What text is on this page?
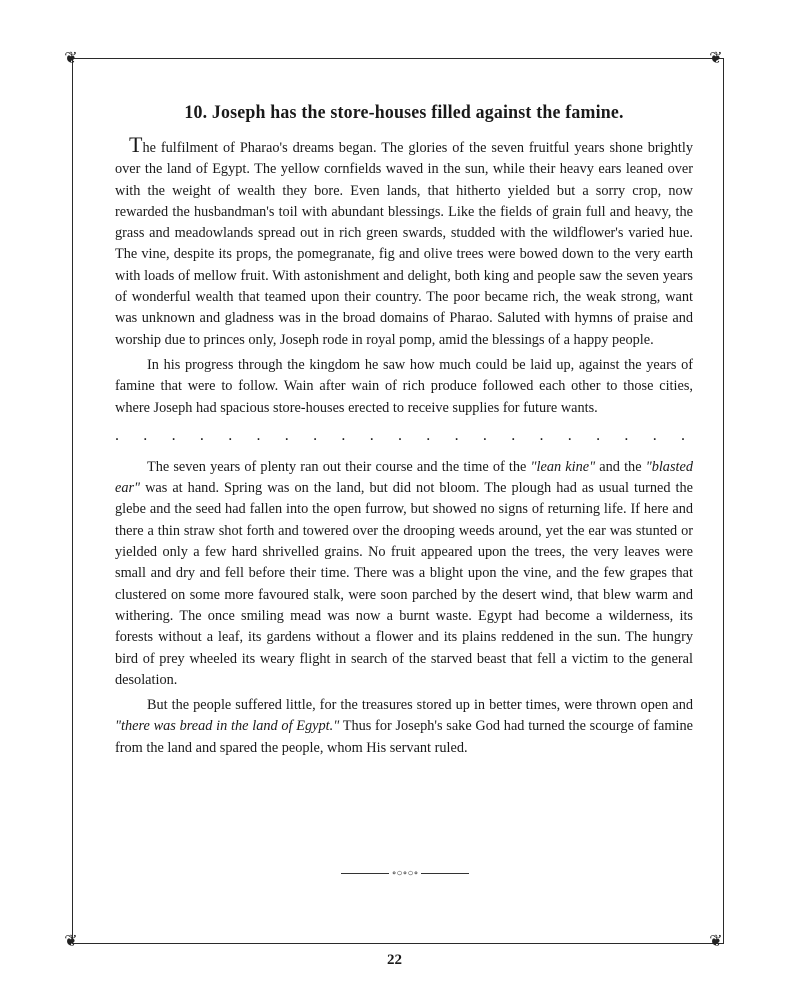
❦	❦
❦	❦
10. Joseph has the store-houses filled against the famine.

The fulfilment of Pharao's dreams began. The glories of the seven fruitful years shone brightly over the land of Egypt. The yellow cornfields waved in the sun, while their heavy ears leaned over with the weight of wealth they bore. Even lands, that hitherto yielded but a sorry crop, now rewarded the husbandman's toil with abundant blessings. Like the fields of grain full and heavy, the grass and meadowlands spread out in rich green swards, studded with the wildflower's varied hue. The vine, despite its props, the pomegranate, fig and olive trees were bowed down to the very earth with loads of mellow fruit. With astonishment and delight, both king and people saw the seven years of wonderful wealth that teamed upon their country. The poor became rich, the weak strong, want was unknown and gladness was in the broad domains of Pharao. Saluted with hymns of praise and worship due to princes only, Joseph rode in royal pomp, amid the blessings of a happy people.

In his progress through the kingdom he saw how much could be laid up, against the years of famine that were to follow. Wain after wain of rich produce followed each other to those cities, where Joseph had spacious store-houses erected to receive supplies for future wants.

. . . . . . . . . . . . . . . . . . . . .

The seven years of plenty ran out their course and the time of the "lean kine" and the "blasted ear" was at hand. Spring was on the land, but did not bloom. The plough had as usual turned the glebe and the seed had fallen into the open furrow, but showed no signs of returning life. If here and there a thin straw shot forth and towered over the drooping weeds around, yet the ear was stunted or yielded only a few hard shrivelled grains. No fruit appeared upon the trees, the very leaves were small and dry and fell before their time. There was a blight upon the vine, and the few grapes that clustered on some more favoured stalk, were soon parched by the desert wind, that blew warm and withering. The once smiling mead was now a burnt waste. Egypt had become a wilderness, its forests without a leaf, its gardens without a flower and its plains reddened in the sun. The hungry bird of prey wheeled its weary flight in search of the starved beast that fell a victim to the general desolation.

But the people suffered little, for the treasures stored up in better times, were thrown open and "there was bread in the land of Egypt." Thus for Joseph's sake God had turned the scourge of famine from the land and spared the people, whom His servant ruled.

∘○∘○∘
22
